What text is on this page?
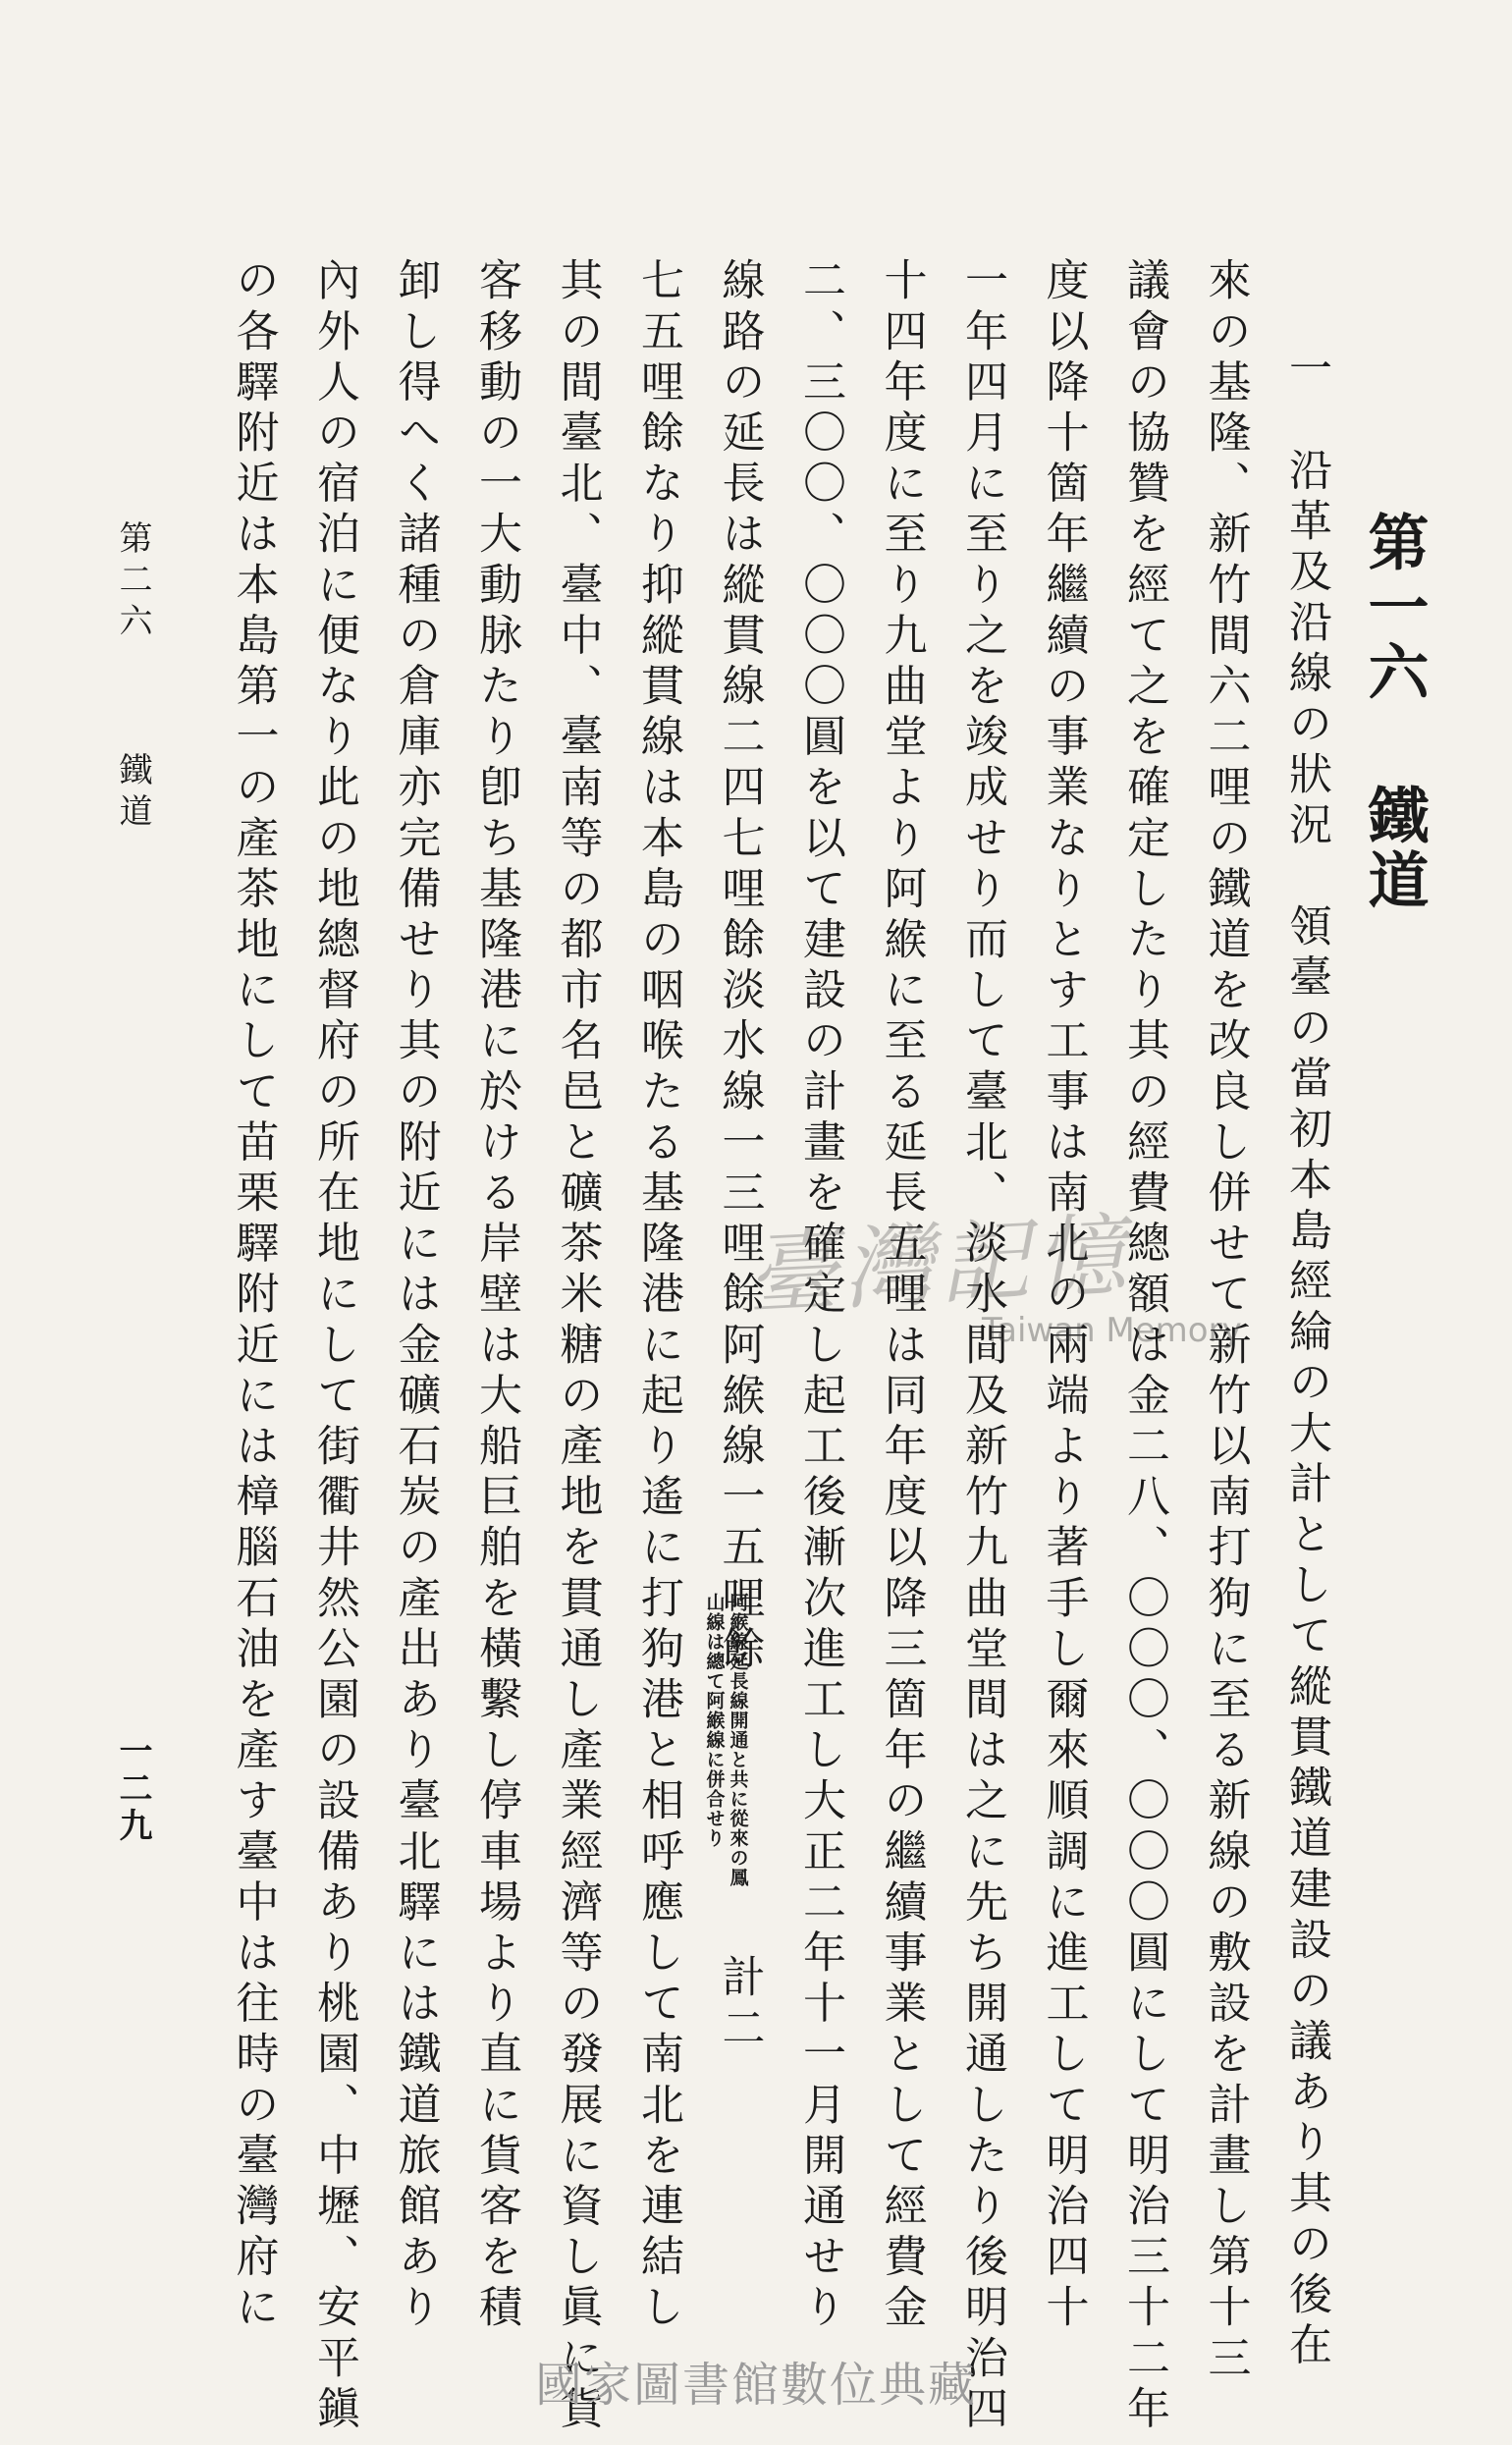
第一六鐵道
一　沿革及沿線の狀況　領臺の當初本島經綸の大計として縱貫鐵道建設の議あり其の後在
來の基隆、新竹間六二哩の鐵道を改良し併せて新竹以南打狗に至る新線の敷設を計畫し第十三
議會の協贊を經て之を確定したり其の經費總額は金二八、〇〇〇、〇〇〇圓にして明治三十二年
度以降十箇年繼續の事業なりとす工事は南北の兩端より著手し爾來順調に進工して明治四十
一年四月に至り之を竣成せり而して臺北、淡水間及新竹九曲堂間は之に先ち開通したり後明治四
十四年度に至り九曲堂より阿緱に至る延長五哩は同年度以降三箇年の繼續事業として經費金
二、三〇〇、〇〇〇圓を以て建設の計畫を確定し起工後漸次進工し大正二年十一月開通せり
線路の延長は縱貫線二四七哩餘淡水線一三哩餘阿緱線一五哩餘
阿緱線延長線開通と共に從來の鳳
山線は總て阿緱線に併合せり
計二
七五哩餘なり抑縱貫線は本島の咽喉たる基隆港に起り遙に打狗港と相呼應して南北を連結し
其の間臺北、臺中、臺南等の都市名邑と礦茶米糖の產地を貫通し產業經濟等の發展に資し眞に貨
客移動の一大動脉たり卽ち基隆港に於ける岸壁は大船巨舶を橫繫し停車場より直に貨客を積
卸し得へく諸種の倉庫亦完備せり其の附近には金礦石炭の產出あり臺北驛には鐵道旅館あり
內外人の宿泊に便なり此の地總督府の所在地にして街衢井然公園の設備あり桃園、中壢、安平鎭
の各驛附近は本島第一の產茶地にして苗栗驛附近には樟腦石油を產す臺中は往時の臺灣府に
第二六鐵道
一二九
臺灣記憶
Taiwan Memory
國家圖書館數位典藏
